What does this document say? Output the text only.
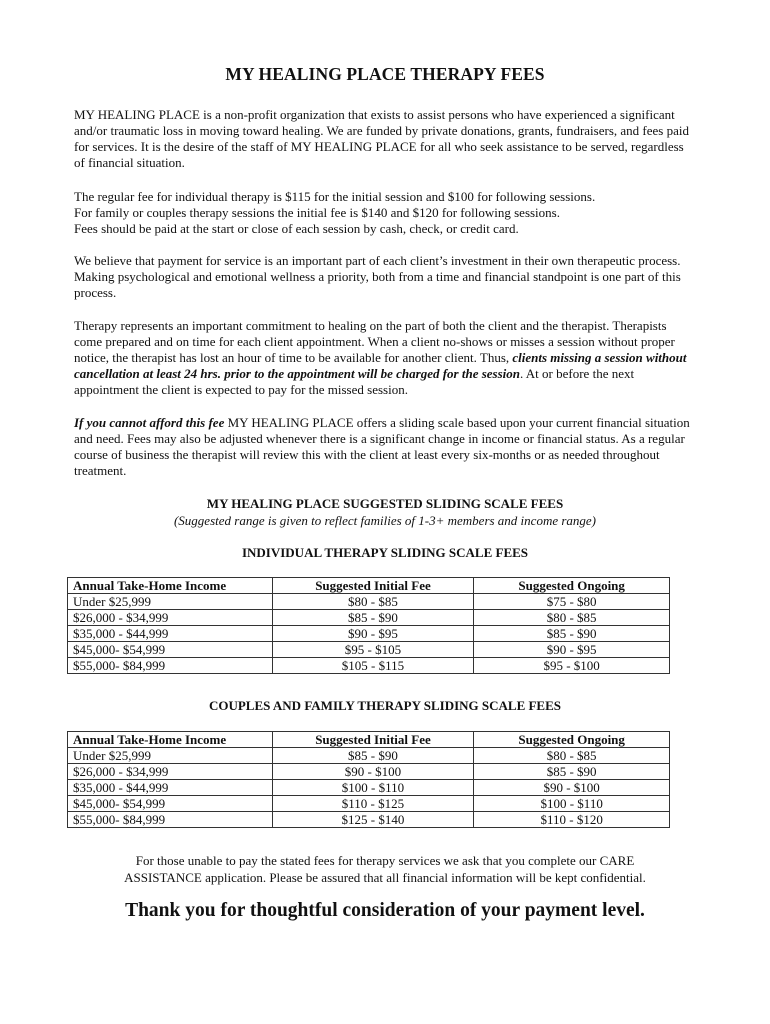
MY HEALING PLACE THERAPY FEES

MY HEALING PLACE is a non-profit organization that exists to assist persons who have experienced a significant and/or traumatic loss in moving toward healing. We are funded by private donations, grants, fundraisers, and fees paid for services. It is the desire of the staff of MY HEALING PLACE for all who seek assistance to be served, regardless of financial situation.

The regular fee for individual therapy is $115 for the initial session and $100 for following sessions.
For family or couples therapy sessions the initial fee is $140 and $120 for following sessions.
Fees should be paid at the start or close of each session by cash, check, or credit card.

We believe that payment for service is an important part of each client’s investment in their own therapeutic process. Making psychological and emotional wellness a priority, both from a time and financial standpoint is one part of this process.

Therapy represents an important commitment to healing on the part of both the client and the therapist. Therapists come prepared and on time for each client appointment. When a client no-shows or misses a session without proper notice, the therapist has lost an hour of time to be available for another client. Thus, clients missing a session without cancellation at least 24 hrs. prior to the appointment will be charged for the session. At or before the next appointment the client is expected to pay for the missed session.

If you cannot afford this fee MY HEALING PLACE offers a sliding scale based upon your current financial situation and need. Fees may also be adjusted whenever there is a significant change in income or financial status. As a regular course of business the therapist will review this with the client at least every six-months or as needed throughout treatment.

MY HEALING PLACE SUGGESTED SLIDING SCALE FEES
(Suggested range is given to reflect families of 1-3+ members and income range)
INDIVIDUAL THERAPY SLIDING SCALE FEES
Annual Take-Home Income	Suggested Initial Fee	Suggested Ongoing
Under $25,999	$80 - $85	$75 - $80
$26,000 - $34,999	$85 - $90	$80 - $85
$35,000 - $44,999	$90 - $95	$85 - $90
$45,000- $54,999	$95 - $105	$90 - $95
$55,000- $84,999	$105 - $115	$95 - $100
COUPLES AND FAMILY THERAPY SLIDING SCALE FEES
Annual Take-Home Income	Suggested Initial Fee	Suggested Ongoing
Under $25,999	$85 - $90	$80 - $85
$26,000 - $34,999	$90 - $100	$85 - $90
$35,000 - $44,999	$100 - $110	$90 - $100
$45,000- $54,999	$110 - $125	$100 - $110
$55,000- $84,999	$125 - $140	$110 - $120
For those unable to pay the stated fees for therapy services we ask that you complete our CARE
ASSISTANCE application. Please be assured that all financial information will be kept confidential.
Thank you for thoughtful consideration of your payment level.
